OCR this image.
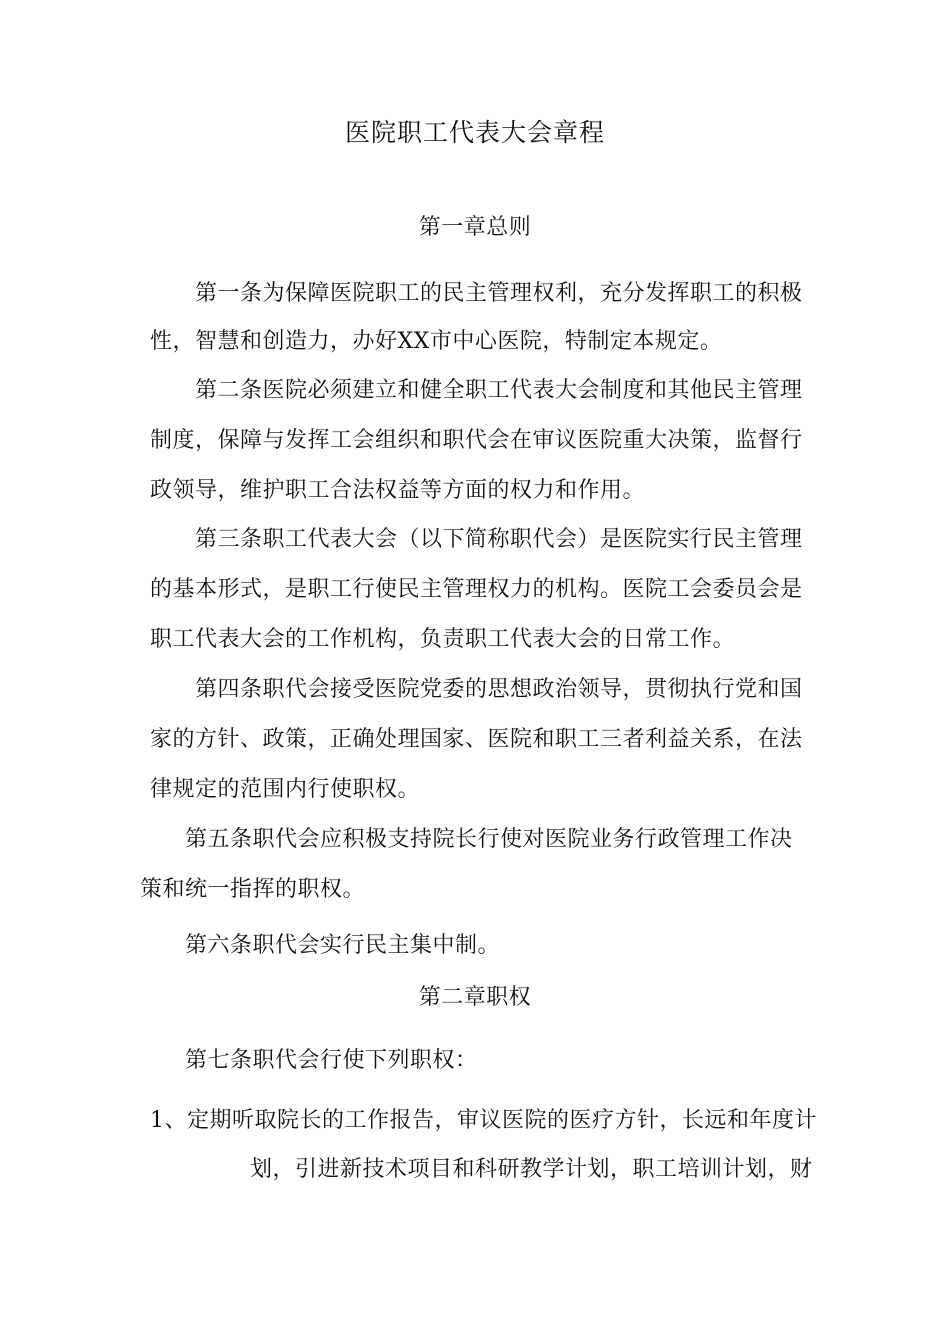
医院职工代表大会章程
第一章总则
第一条为保障医院职工的民主管理权利，充分发挥职工的积极
性，智慧和创造力，办好XX市中心医院，特制定本规定。
第二条医院必须建立和健全职工代表大会制度和其他民主管理
制度，保障与发挥工会组织和职代会在审议医院重大决策，监督行
政领导，维护职工合法权益等方面的权力和作用。
第三条职工代表大会（以下简称职代会）是医院实行民主管理
的基本形式，是职工行使民主管理权力的机构。医院工会委员会是
职工代表大会的工作机构，负责职工代表大会的日常工作。
第四条职代会接受医院党委的思想政治领导，贯彻执行党和国
家的方针、政策，正确处理国家、医院和职工三者利益关系，在法
律规定的范围内行使职权。
第五条职代会应积极支持院长行使对医院业务行政管理工作决
策和统一指挥的职权。
第六条职代会实行民主集中制。
第二章职权
第七条职代会行使下列职权：
1、定期听取院长的工作报告，审议医院的医疗方针，长远和年度计
划，引进新技术项目和科研教学计划，职工培训计划，财
